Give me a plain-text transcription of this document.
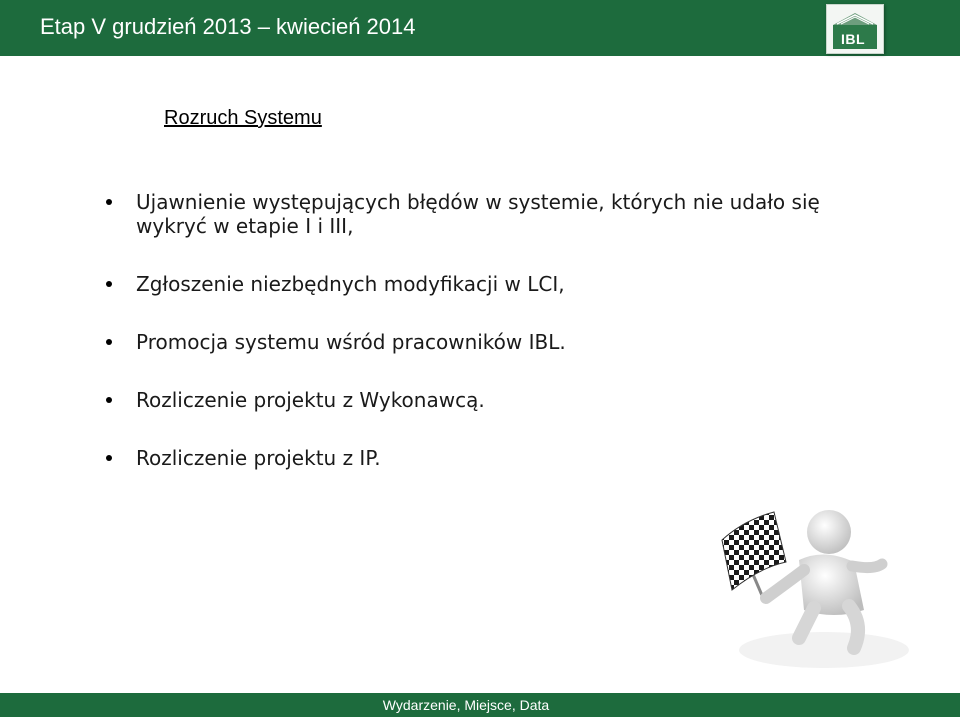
Etap V grudzień 2013 – kwiecień 2014	IBL
Rozruch Systemu
Ujawnienie występujących błędów w systemie, których nie udało się wykryć w etapie I i III,
Zgłoszenie niezbędnych modyfikacji w LCI,
Promocja systemu wśród pracowników IBL.
Rozliczenie projektu z Wykonawcą.
Rozliczenie projektu z IP.
Wydarzenie, Miejsce, Data
